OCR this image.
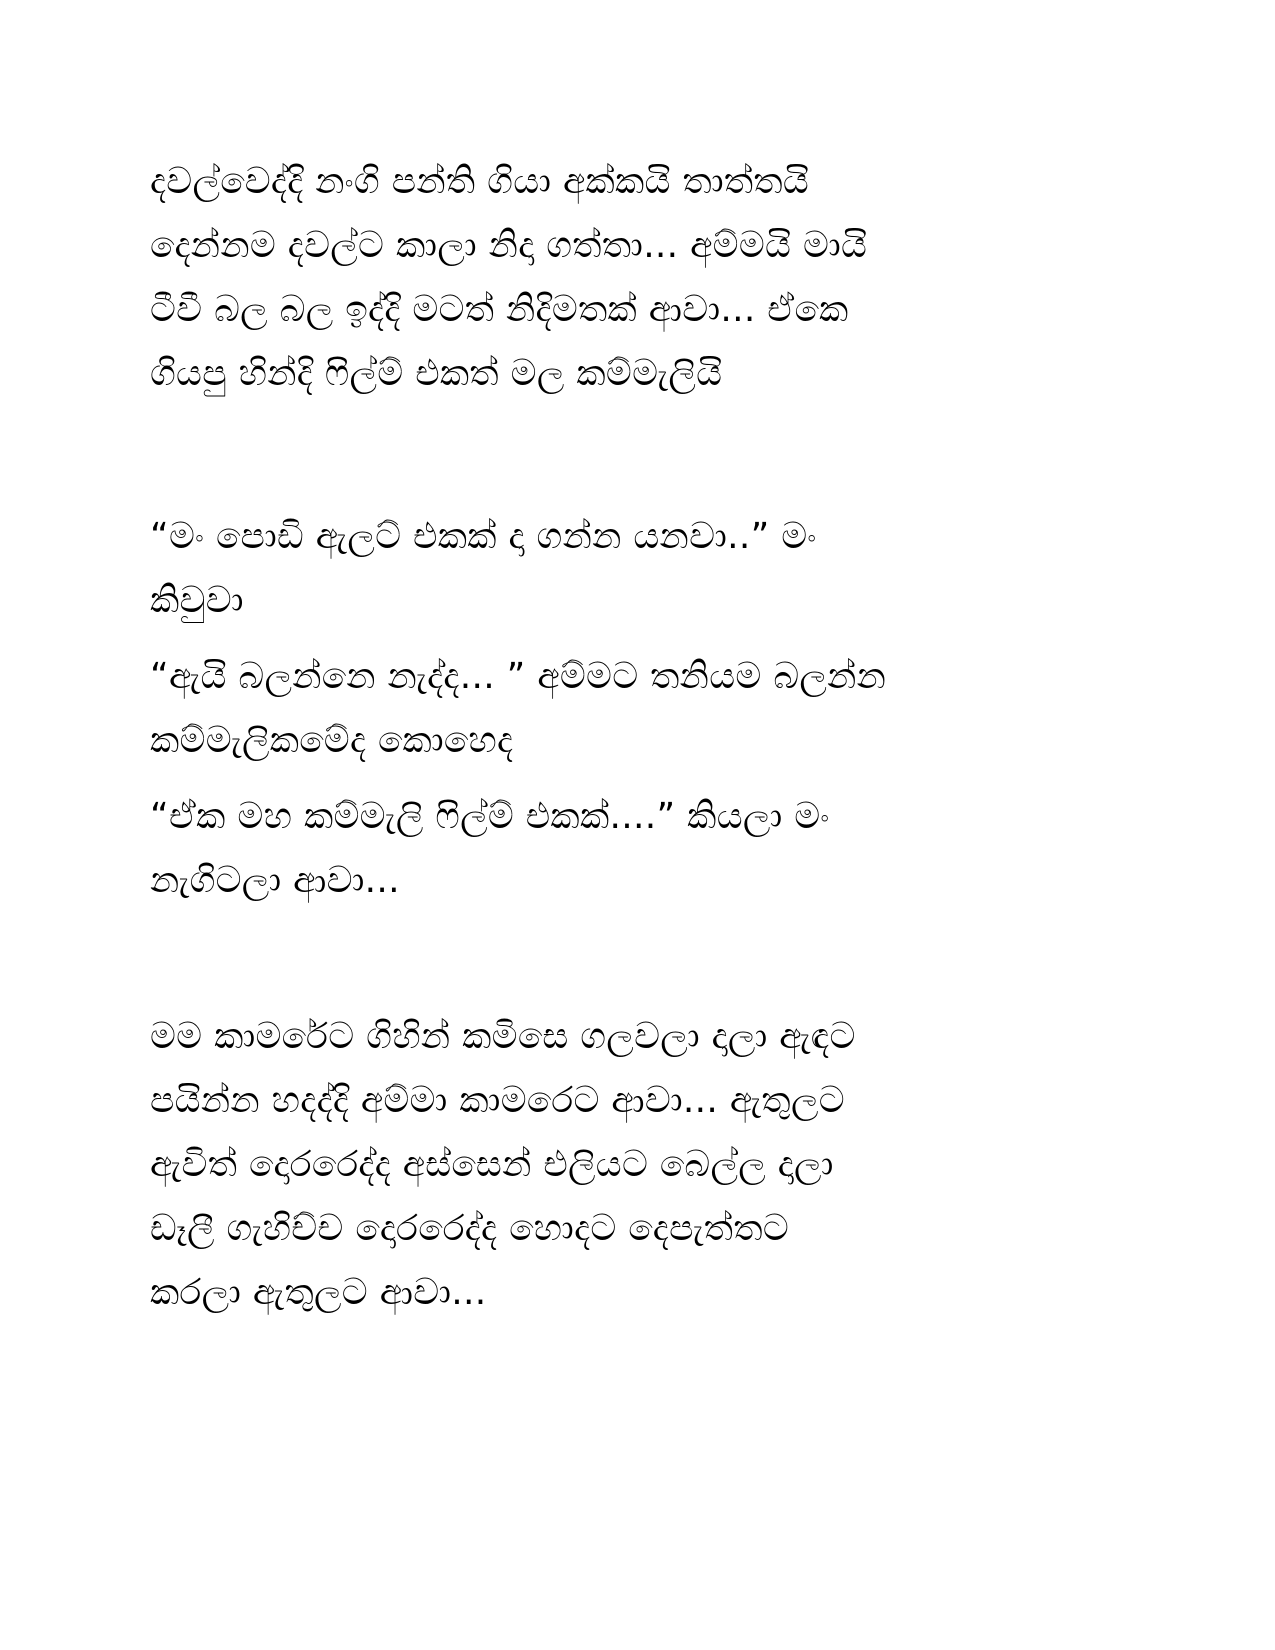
දවල්වෙද්දි නංගි පන්ති ගියා අක්කයි තාත්තයි
දෙන්නම දවල්ට කාලා නිදා ගත්තා... අම්මයි මායි
ටීවී බල බල ඉද්දි මටත් නිදිමතක් ආවා... ඒකෙ
ගියපු හින්දි ෆිල්ම් එකත් මල කම්මැලියි
“මං පොඩි ඇලට් එකක් දා ගන්න යනවා..” මං
කිවුවා
“ඇයි බලන්නෙ නැද්ද... ” අම්මට තනියම බලන්න
කම්මැලිකමේද කොහෙද
“ඒක මහ කම්මැලි ෆිල්ම් එකක්....” කියලා මං
නැගිටලා ආවා...
මම කාමරේට ගිහින් කමිසෙ ගලවලා දාලා ඇඳට
පයින්න හදද්දි අම්මා කාමරෙට ආවා... ඇතුලට
ඇවිත් දොරරෙද්ද අස්සෙන් එලියට බෙල්ල දාලා
ඩෑලී ගැහිච්ච දොරරෙද්ද හොදට දෙපැත්තට
කරලා ඇතුලට ආවා...
